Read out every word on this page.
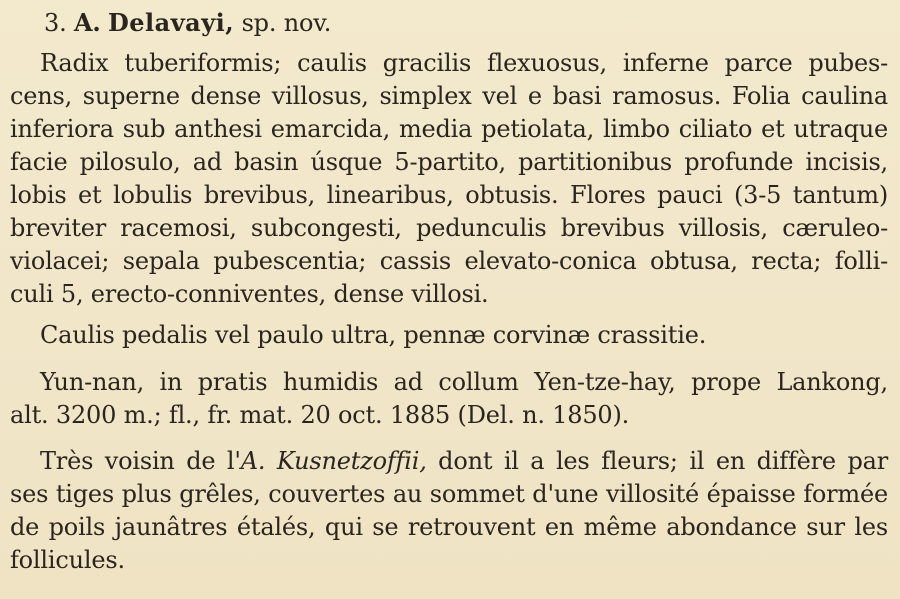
3. A. Delavayi, sp. nov.
Radix tuberiformis; caulis gracilis flexuosus, inferne parce pubes-
cens, superne dense villosus, simplex vel e basi ramosus. Folia caulina
inferiora sub anthesi emarcida, media petiolata, limbo ciliato et utraque
facie pilosulo, ad basin úsque 5-partito, partitionibus profunde incisis,
lobis et lobulis brevibus, linearibus, obtusis. Flores pauci (3-5 tantum)
breviter racemosi, subcongesti, pedunculis brevibus villosis, cæruleo-
violacei; sepala pubescentia; cassis elevato-conica obtusa, recta; folli-
culi 5, erecto-conniventes, dense villosi.
Caulis pedalis vel paulo ultra, pennæ corvinæ crassitie.
Yun-nan, in pratis humidis ad collum Yen-tze-hay, prope Lankong,
alt. 3200 m.; fl., fr. mat. 20 oct. 1885 (Del. n. 1850).
Très voisin de l'A. Kusnetzoffii, dont il a les fleurs; il en diffère par
ses tiges plus grêles, couvertes au sommet d'une villosité épaisse formée
de poils jaunâtres étalés, qui se retrouvent en même abondance sur les
follicules.
